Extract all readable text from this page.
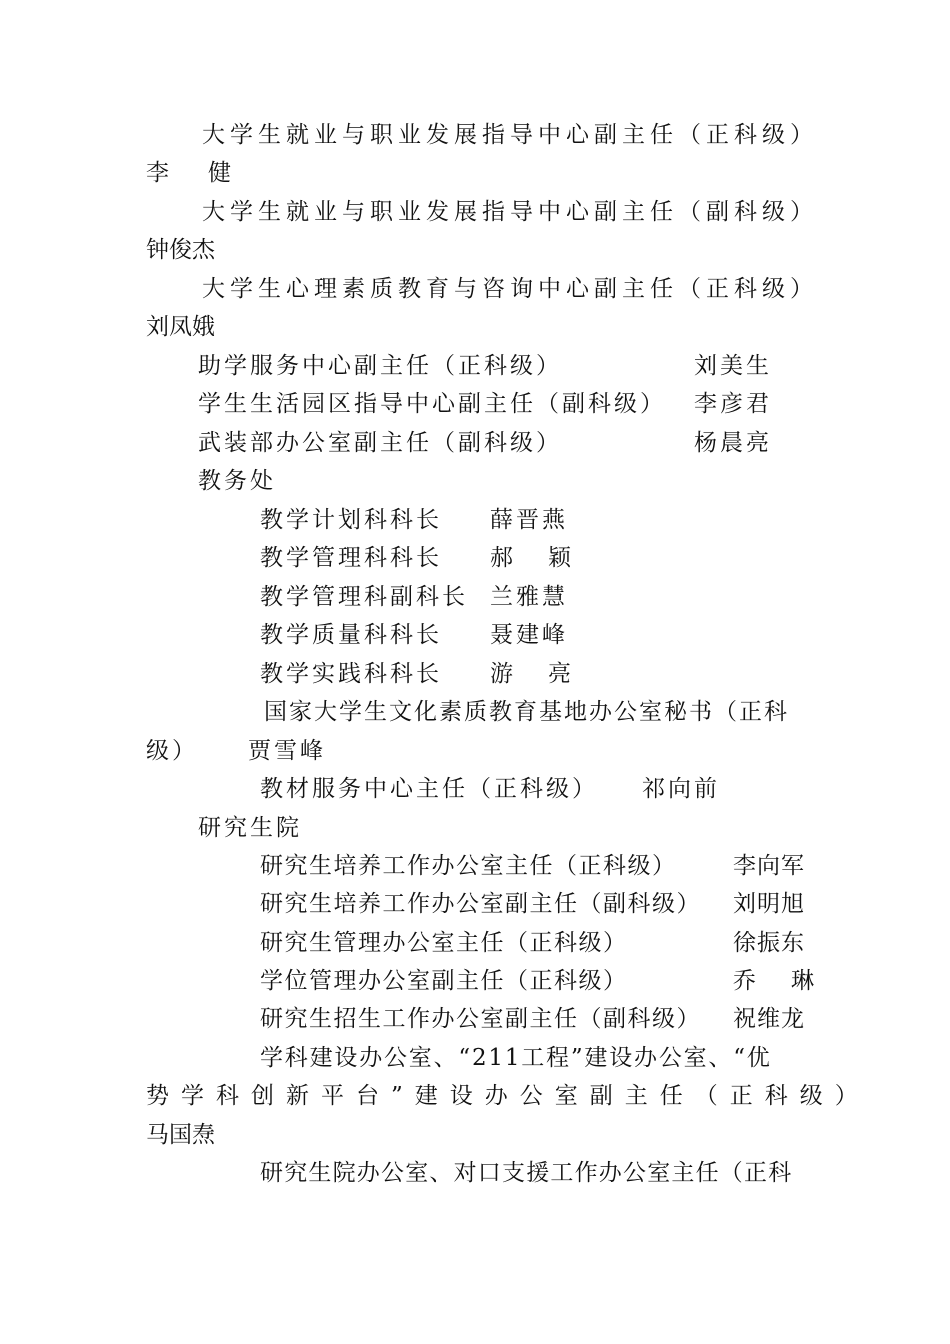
大学生就业与职业发展指导中心副主任（正科级）
李　健
大学生就业与职业发展指导中心副主任（副科级）
钟俊杰
大学生心理素质教育与咨询中心副主任（正科级）
刘凤娥
助学服务中心副主任（正科级）	刘美生
学生生活园区指导中心副主任（副科级） 李彦君
武装部办公室副主任（副科级）	杨晨亮
教务处
教学计划科科长 薛晋燕
教学管理科科长 郝　颖
教学管理科副科长 兰雅慧
教学质量科科长 聂建峰
教学实践科科长 游　亮
国家大学生文化素质教育基地办公室秘书（正科
级） 贾雪峰
教材服务中心主任（正科级） 祁向前
研究生院
研究生培养工作办公室主任（正科级） 李向军
研究生培养工作办公室副主任（副科级） 刘明旭
研究生管理办公室主任（正科级）	徐振东
学位管理办公室副主任（正科级）	乔　琳
研究生招生工作办公室副主任（副科级） 祝维龙
学科建设办公室、“211工程”建设办公室、“优
势学科创新平台”建设办公室副主任（正科级）
马国焘
研究生院办公室、对口支援工作办公室主任（正科
